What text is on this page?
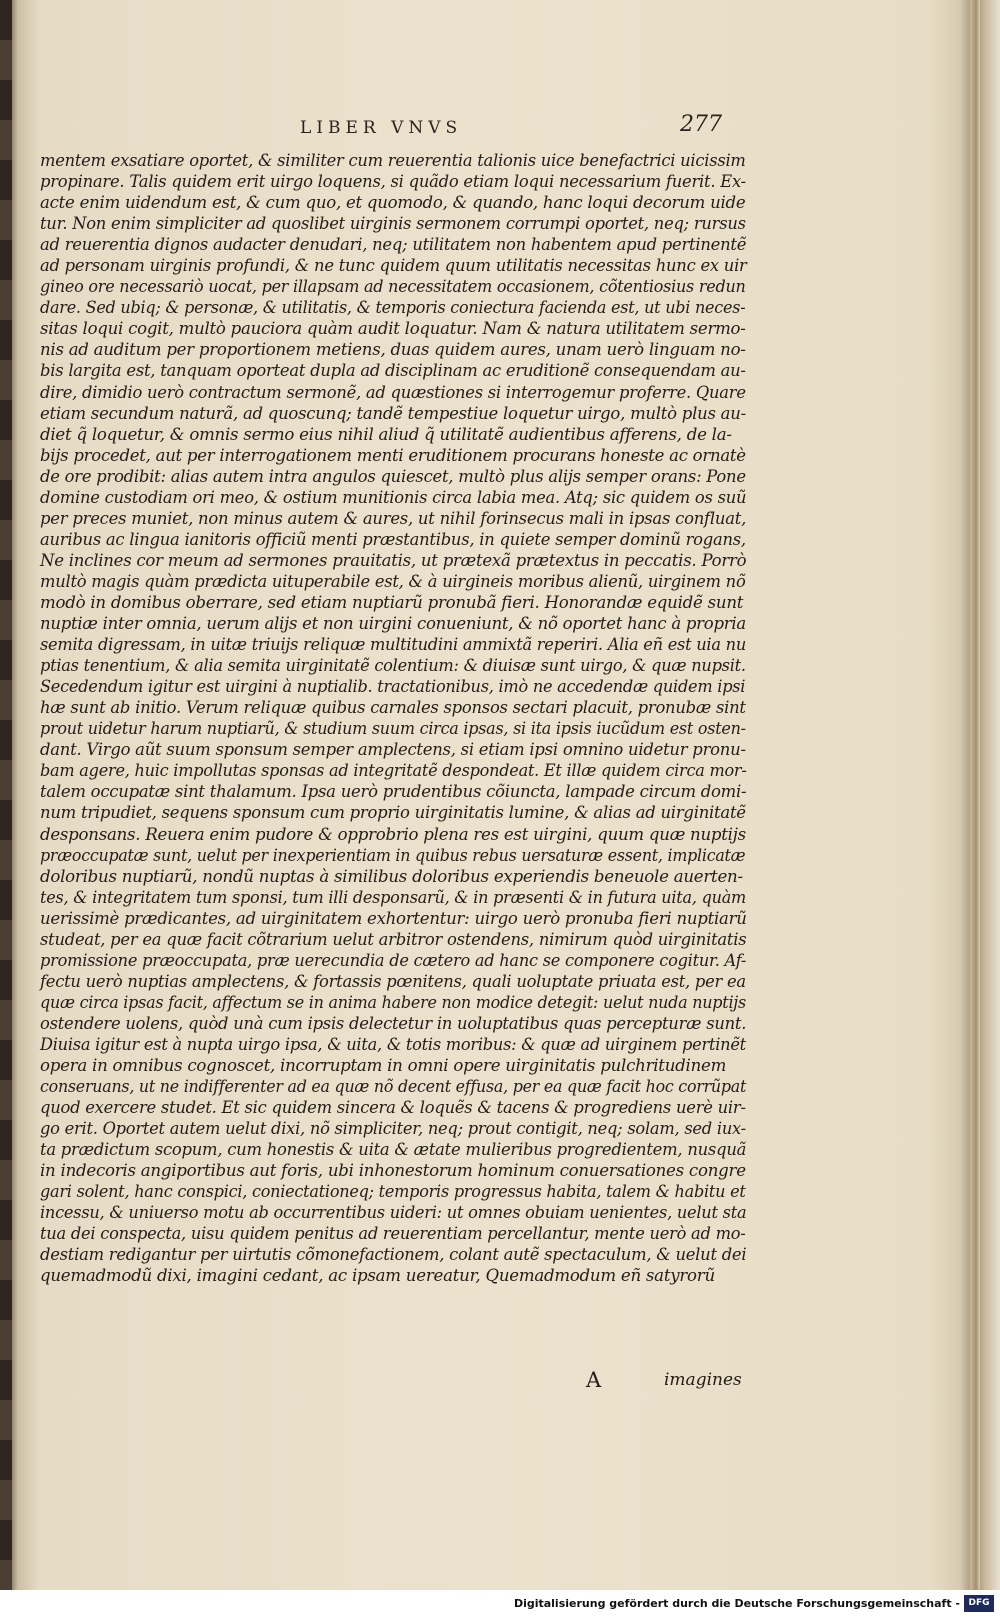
LIBER VNVS	277
mentem exsatiare oportet, & similiter cum reuerentia talionis uice benefactrici uicissim
propinare. Talis quidem erit uirgo loquens, si quãdo etiam loqui necessarium fuerit. Ex-
acte enim uidendum est, & cum quo, et quomodo, & quando, hanc loqui decorum uide
tur. Non enim simpliciter ad quoslibet uirginis sermonem corrumpi oportet, neq; rursus
ad reuerentia dignos audacter denudari, neq; utilitatem non habentem apud pertinentẽ
ad personam uirginis profundi, & ne tunc quidem quum utilitatis necessitas hunc ex uir
gineo ore necessariò uocat, per illapsam ad necessitatem occasionem, cõtentiosius redun
dare. Sed ubiq; & personæ, & utilitatis, & temporis coniectura facienda est, ut ubi neces-
sitas loqui cogit, multò pauciora quàm audit loquatur. Nam & natura utilitatem sermo-
nis ad auditum per proportionem metiens, duas quidem aures, unam uerò linguam no-
bis largita est, tanquam oporteat dupla ad disciplinam ac eruditionẽ consequendam au-
dire, dimidio uerò contractum sermonẽ, ad quæstiones si interrogemur proferre. Quare
etiam secundum naturã, ad quoscunq; tandẽ tempestiue loquetur uirgo, multò plus au-
diet q̃ loquetur, & omnis sermo eius nihil aliud q̃ utilitatẽ audientibus afferens, de la-
bijs procedet, aut per interrogationem menti eruditionem procurans honeste ac ornatè
de ore prodibit: alias autem intra angulos quiescet, multò plus alijs semper orans: Pone
domine custodiam ori meo, & ostium munitionis circa labia mea. Atq; sic quidem os suũ
per preces muniet, non minus autem & aures, ut nihil forinsecus mali in ipsas confluat,
auribus ac lingua ianitoris officiũ menti præstantibus, in quiete semper dominũ rogans,
Ne inclines cor meum ad sermones prauitatis, ut prætexã prætextus in peccatis. Porrò
multò magis quàm prædicta uituperabile est, & à uirgineis moribus alienũ, uirginem nõ
modò in domibus oberrare, sed etiam nuptiarũ pronubã fieri. Honorandæ equidẽ sunt
nuptiæ inter omnia, uerum alijs et non uirgini conueniunt, & nõ oportet hanc à propria
semita digressam, in uitæ triuijs reliquæ multitudini ammixtã reperiri. Alia eñ est uia nu
ptias tenentium, & alia semita uirginitatẽ colentium: & diuisæ sunt uirgo, & quæ nupsit.
Secedendum igitur est uirgini à nuptialib. tractationibus, imò ne accedendæ quidem ipsi
hæ sunt ab initio. Verum reliquæ quibus carnales sponsos sectari placuit, pronubæ sint
prout uidetur harum nuptiarũ, & studium suum circa ipsas, si ita ipsis iucũdum est osten-
dant. Virgo aũt suum sponsum semper amplectens, si etiam ipsi omnino uidetur pronu-
bam agere, huic impollutas sponsas ad integritatẽ despondeat. Et illæ quidem circa mor-
talem occupatæ sint thalamum. Ipsa uerò prudentibus cõiuncta, lampade circum domi-
num tripudiet, sequens sponsum cum proprio uirginitatis lumine, & alias ad uirginitatẽ
desponsans. Reuera enim pudore & opprobrio plena res est uirgini, quum quæ nuptijs
præoccupatæ sunt, uelut per inexperientiam in quibus rebus uersaturæ essent, implicatæ
doloribus nuptiarũ, nondũ nuptas à similibus doloribus experiendis beneuole auerten-
tes, & integritatem tum sponsi, tum illi desponsarũ, & in præsenti & in futura uita, quàm
uerissimè prædicantes, ad uirginitatem exhortentur: uirgo uerò pronuba fieri nuptiarũ
studeat, per ea quæ facit cõtrarium uelut arbitror ostendens, nimirum quòd uirginitatis
promissione præoccupata, præ uerecundia de cætero ad hanc se componere cogitur. Af-
fectu uerò nuptias amplectens, & fortassis pœnitens, quali uoluptate priuata est, per ea
quæ circa ipsas facit, affectum se in anima habere non modice detegit: uelut nuda nuptijs
ostendere uolens, quòd unà cum ipsis delectetur in uoluptatibus quas percepturæ sunt.
Diuisa igitur est à nupta uirgo ipsa, & uita, & totis moribus: & quæ ad uirginem pertinẽt
opera in omnibus cognoscet, incorruptam in omni opere uirginitatis pulchritudinem
conseruans, ut ne indifferenter ad ea quæ nõ decent effusa, per ea quæ facit hoc corrũpat
quod exercere studet. Et sic quidem sincera & loquẽs & tacens & progrediens uerè uir-
go erit. Oportet autem uelut dixi, nõ simpliciter, neq; prout contigit, neq; solam, sed iux-
ta prædictum scopum, cum honestis & uita & ætate mulieribus progredientem, nusquã
in indecoris angiportibus aut foris, ubi inhonestorum hominum conuersationes congre
gari solent, hanc conspici, coniectationeq; temporis progressus habita, talem & habitu et
incessu, & uniuerso motu ab occurrentibus uideri: ut omnes obuiam uenientes, uelut sta
tua dei conspecta, uisu quidem penitus ad reuerentiam percellantur, mente uerò ad mo-
destiam redigantur per uirtutis cõmonefactionem, colant autẽ spectaculum, & uelut dei
quemadmodũ dixi, imagini cedant, ac ipsam uereatur, Quemadmodum eñ satyrorũ
A	imagines
Digitalisierung gefördert durch die Deutsche Forschungsgemeinschaft - DFG
